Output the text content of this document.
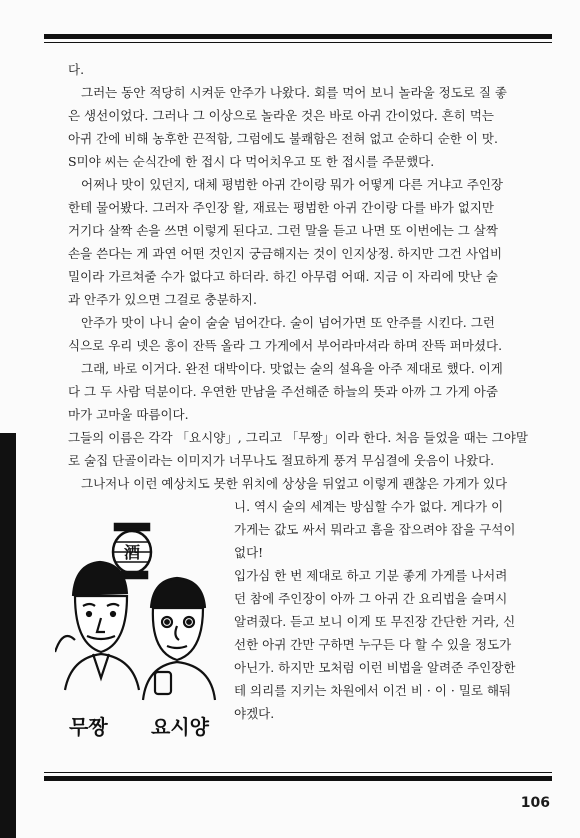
다.
그러는 동안 적당히 시켜둔 안주가 나왔다. 회를 먹어 보니 놀라울 정도로 질 좋
은 생선이었다. 그러나 그 이상으로 놀라운 것은 바로 아귀 간이었다. 흔히 먹는
아귀 간에 비해 농후한 끈적함, 그럼에도 불쾌함은 전혀 없고 순하디 순한 이 맛.
S미야 씨는 순식간에 한 접시 다 먹어치우고 또 한 접시를 주문했다.
어쩌나 맛이 있던지, 대체 평범한 아귀 간이랑 뭐가 어떻게 다른 거냐고 주인장
한테 물어봤다. 그러자 주인장 왈, 재료는 평범한 아귀 간이랑 다를 바가 없지만
거기다 살짝 손을 쓰면 이렇게 된다고. 그런 말을 듣고 나면 또 이번에는 그 살짝
손을 쓴다는 게 과연 어떤 것인지 궁금해지는 것이 인지상정. 하지만 그건 사업비
밀이라 가르쳐줄 수가 없다고 하더라. 하긴 아무렴 어때. 지금 이 자리에 맛난 술
과 안주가 있으면 그걸로 충분하지.
안주가 맛이 나니 술이 술술 넘어간다. 술이 넘어가면 또 안주를 시킨다. 그런
식으로 우리 넷은 흥이 잔뜩 올라 그 가게에서 부어라마셔라 하며 잔뜩 퍼마셨다.
그래, 바로 이거다. 완전 대박이다. 맛없는 술의 설욕을 아주 제대로 했다. 이게
다 그 두 사람 덕분이다. 우연한 만남을 주선해준 하늘의 뜻과 아까 그 가게 아줌
마가 고마울 따름이다.
그들의 이름은 각각 「요시양」, 그리고 「무짱」이라 한다. 처음 들었을 때는 그야말
로 술집 단골이라는 이미지가 너무나도 절묘하게 풍겨 무심결에 웃음이 나왔다.
그나저나 이런 예상치도 못한 위치에 상상을 뒤엎고 이렇게 괜찮은 가게가 있다
니. 역시 술의 세계는 방심할 수가 없다. 게다가 이
가게는 값도 싸서 뭐라고 흠을 잡으려야 잡을 구석이
없다!
입가심 한 번 제대로 하고 기분 좋게 가게를 나서려
던 참에 주인장이 아까 그 아귀 간 요리법을 슬며시
알려줬다. 듣고 보니 이게 또 무진장 간단한 거라, 신
선한 아귀 간만 구하면 누구든 다 할 수 있을 정도가
아닌가. 하지만 모처럼 이런 비법을 알려준 주인장한
테 의리를 지키는 차원에서 이건 비 · 이 · 밀로 해둬
야겠다.
酒
무짱 요시양
106
